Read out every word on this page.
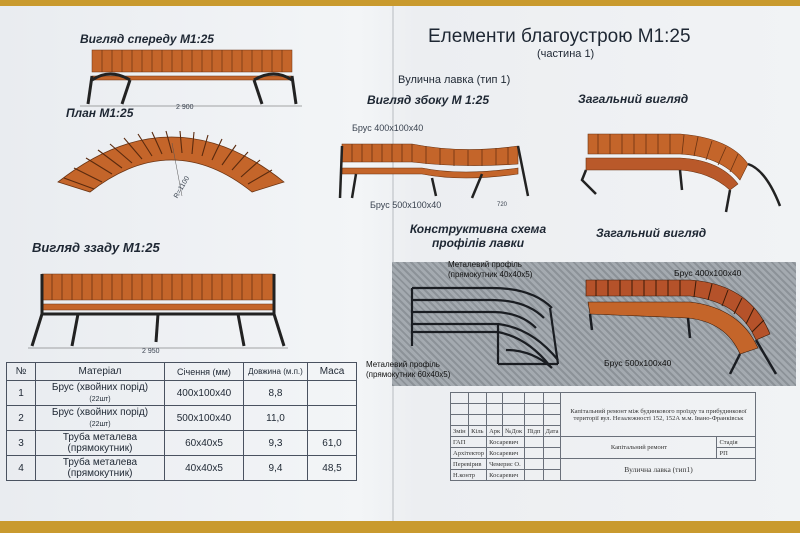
Елементи благоустрою М1:25
(частина 1)
Вулична лавка (тип 1)
Вигляд спереду М1:25
План М1:25
Вигляд ззаду М1:25
Вигляд збоку М 1:25	Загальний вигляд
Конструктивна схема профілів лавки
Загальний вигляд
2 900
R=1100
2 950
Брус 400x100x40
Брус 500x100x40	720
Металевий профіль (прямокутник 40x40x5)
Металевий профіль (прямокутник 60x40x5)
Брус 400x100x40
Брус 500x100x40
№	Матеріал	Січення (мм)	Довжина (м.п.)	Маса
1	Брус (хвойних порід)
(22шт)	400x100x40	8,8	
2	Брус (хвойних порід)
(22шт)	500x100x40	11,0	
3	Труба металева (прямокутник)	60x40x5	9,3	61,0
4	Труба металева (прямокутник)	40x40x5	9,4	48,5
						Капітальний ремонт між будинкового проїзду та прибудинкової території вул. Незалежності 152, 152А м.м. Івано-Франківськ	

Змін	Кіль	Арк	№Док	Підп	Дата		
ГАП		Косаревич				Капітальний ремонт	Стадія
Архітектор		Косаревич					РП
Перевірив		Чемерис О.				Вулична лавка (тип1)	
Н.контр		Косаревич					
